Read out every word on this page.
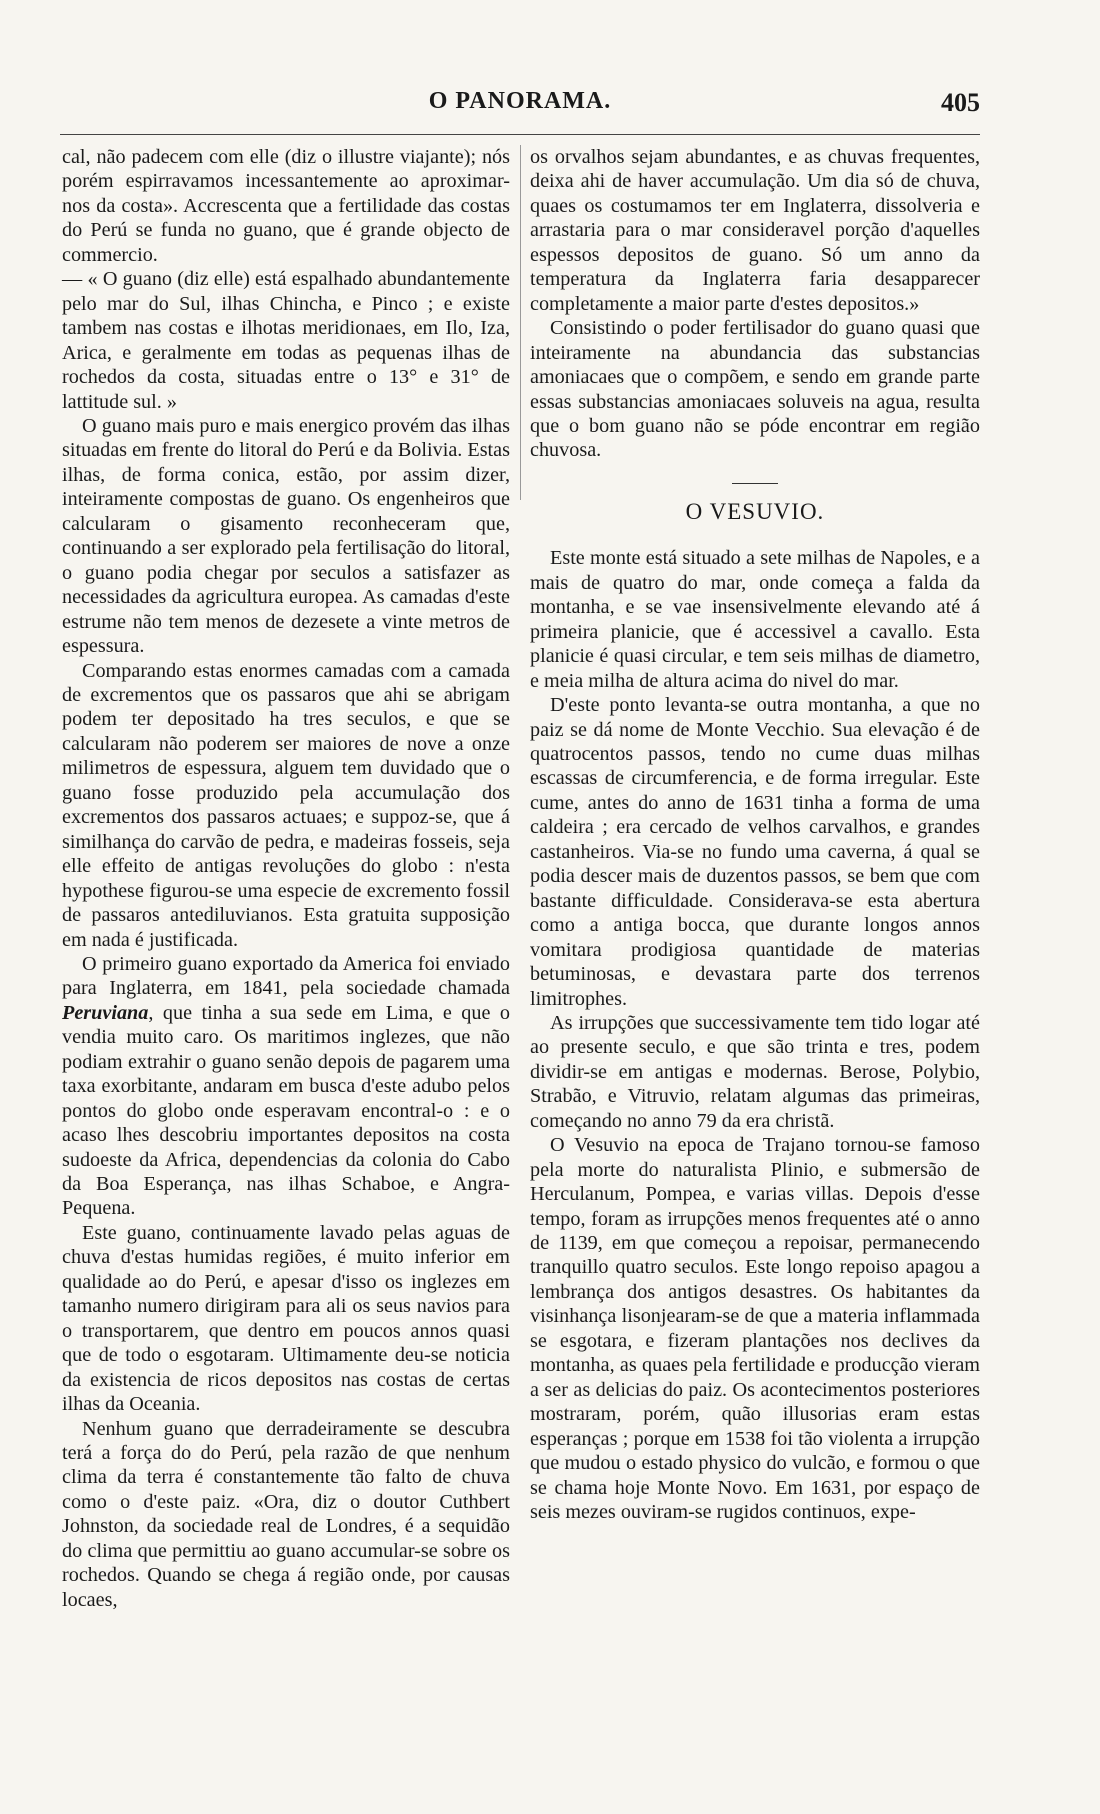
O PANORAMA.	405

cal, não padecem com elle (diz o illustre viajante); nós porém espirravamos incessantemente ao aproximar-nos da costa». Accrescenta que a fertilidade das costas do Perú se funda no guano, que é grande objecto de commercio.

— « O guano (diz elle) está espalhado abundantemente pelo mar do Sul, ilhas Chincha, e Pinco ; e existe tambem nas costas e ilhotas meridionaes, em Ilo, Iza, Arica, e geralmente em todas as pequenas ilhas de rochedos da costa, situadas entre o 13° e 31° de lattitude sul. »

O guano mais puro e mais energico provém das ilhas situadas em frente do litoral do Perú e da Bolivia. Estas ilhas, de forma conica, estão, por assim dizer, inteiramente compostas de guano. Os engenheiros que calcularam o gisamento reconheceram que, continuando a ser explorado pela fertilisação do litoral, o guano podia chegar por seculos a satisfazer as necessidades da agricultura europea. As camadas d'este estrume não tem menos de dezesete a vinte metros de espessura.

Comparando estas enormes camadas com a camada de excrementos que os passaros que ahi se abrigam podem ter depositado ha tres seculos, e que se calcularam não poderem ser maiores de nove a onze milimetros de espessura, alguem tem duvidado que o guano fosse produzido pela accumulação dos excrementos dos passaros actuaes; e suppoz-se, que á similhança do carvão de pedra, e madeiras fosseis, seja elle effeito de antigas revoluções do globo : n'esta hypothese figurou-se uma especie de excremento fossil de passaros antediluvianos. Esta gratuita supposição em nada é justificada.

O primeiro guano exportado da America foi enviado para Inglaterra, em 1841, pela sociedade chamada Peruviana, que tinha a sua sede em Lima, e que o vendia muito caro. Os maritimos inglezes, que não podiam extrahir o guano senão depois de pagarem uma taxa exorbitante, andaram em busca d'este adubo pelos pontos do globo onde esperavam encontral-o : e o acaso lhes descobriu importantes depositos na costa sudoeste da Africa, dependencias da colonia do Cabo da Boa Esperança, nas ilhas Schaboe, e Angra-Pequena.

Este guano, continuamente lavado pelas aguas de chuva d'estas humidas regiões, é muito inferior em qualidade ao do Perú, e apesar d'isso os inglezes em tamanho numero dirigiram para ali os seus navios para o transportarem, que dentro em poucos annos quasi que de todo o esgotaram. Ultimamente deu-se noticia da existencia de ricos depositos nas costas de certas ilhas da Oceania.

Nenhum guano que derradeiramente se descubra terá a força do do Perú, pela razão de que nenhum clima da terra é constantemente tão falto de chuva como o d'este paiz. «Ora, diz o doutor Cuthbert Johnston, da sociedade real de Londres, é a sequidão do clima que permittiu ao guano accumular-se sobre os rochedos. Quando se chega á região onde, por causas locaes,

os orvalhos sejam abundantes, e as chuvas frequentes, deixa ahi de haver accumulação. Um dia só de chuva, quaes os costumamos ter em Inglaterra, dissolveria e arrastaria para o mar consideravel porção d'aquelles espessos depositos de guano. Só um anno da temperatura da Inglaterra faria desapparecer completamente a maior parte d'estes depositos.»

Consistindo o poder fertilisador do guano quasi que inteiramente na abundancia das substancias amoniacaes que o compõem, e sendo em grande parte essas substancias amoniacaes soluveis na agua, resulta que o bom guano não se póde encontrar em região chuvosa.

O VESUVIO.

Este monte está situado a sete milhas de Napoles, e a mais de quatro do mar, onde começa a falda da montanha, e se vae insensivelmente elevando até á primeira planicie, que é accessivel a cavallo. Esta planicie é quasi circular, e tem seis milhas de diametro, e meia milha de altura acima do nivel do mar.

D'este ponto levanta-se outra montanha, a que no paiz se dá nome de Monte Vecchio. Sua elevação é de quatrocentos passos, tendo no cume duas milhas escassas de circumferencia, e de forma irregular. Este cume, antes do anno de 1631 tinha a forma de uma caldeira ; era cercado de velhos carvalhos, e grandes castanheiros. Via-se no fundo uma caverna, á qual se podia descer mais de duzentos passos, se bem que com bastante difficuldade. Considerava-se esta abertura como a antiga bocca, que durante longos annos vomitara prodigiosa quantidade de materias betuminosas, e devastara parte dos terrenos limitrophes.

As irrupções que successivamente tem tido logar até ao presente seculo, e que são trinta e tres, podem dividir-se em antigas e modernas. Berose, Polybio, Strabão, e Vitruvio, relatam algumas das primeiras, começando no anno 79 da era christã.

O Vesuvio na epoca de Trajano tornou-se famoso pela morte do naturalista Plinio, e submersão de Herculanum, Pompea, e varias villas. Depois d'esse tempo, foram as irrupções menos frequentes até o anno de 1139, em que começou a repoisar, permanecendo tranquillo quatro seculos. Este longo repoiso apagou a lembrança dos antigos desastres. Os habitantes da visinhança lisonjearam-se de que a materia inflammada se esgotara, e fizeram plantações nos declives da montanha, as quaes pela fertilidade e producção vieram a ser as delicias do paiz. Os acontecimentos posteriores mostraram, porém, quão illusorias eram estas esperanças ; porque em 1538 foi tão violenta a irrupção que mudou o estado physico do vulcão, e formou o que se chama hoje Monte Novo. Em 1631, por espaço de seis mezes ouviram-se rugidos continuos, expe-
